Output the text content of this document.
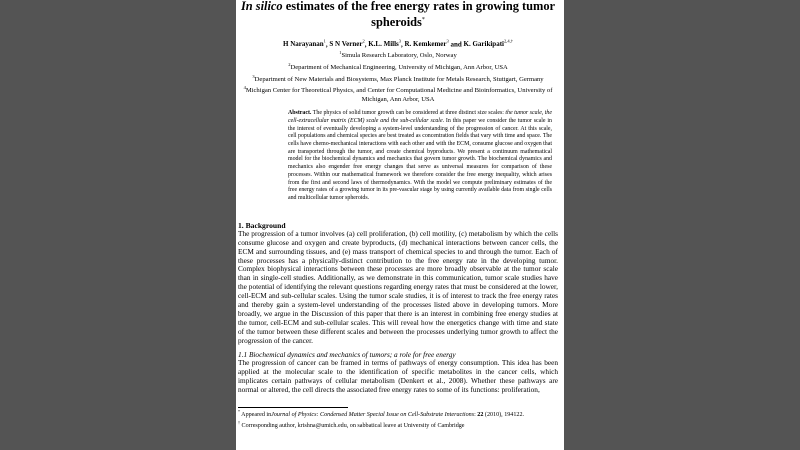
In silico estimates of the free energy rates in growing tumor spheroids*
H Narayanan$^1$, S N Verner$^2$, K.L. Mills$^3$, R. Kemkemer$^3$ and K. Garikipati$^{2,4,\dagger}$
$^1$Simula Research Laboratory, Oslo, Norway
$^2$Department of Mechanical Engineering, University of Michigan, Ann Arbor, USA
$^3$Department of New Materials and Biosystems, Max Planck Institute for Metals Research, Stuttgart, Germany
$^4$Michigan Center for Theoretical Physics, and Center for Computational Medicine and Bioinformatics, University of Michigan, Ann Arbor, USA
Abstract. The physics of solid tumor growth can be considered at three distinct size scales: the tumor scale, the cell-extracellular matrix (ECM) scale and the sub-cellular scale. In this paper we consider the tumor scale in the interest of eventually developing a system-level understanding of the progression of cancer. At this scale, cell populations and chemical species are best treated as concentration fields that vary with time and space. The cells have chemo-mechanical interactions with each other and with the ECM, consume glucose and oxygen that are transported through the tumor, and create chemical byproducts. We present a continuum mathematical model for the biochemical dynamics and mechanics that govern tumor growth. The biochemical dynamics and mechanics also engender free energy changes that serve as universal measures for comparison of these processes. Within our mathematical framework we therefore consider the free energy inequality, which arises from the first and second laws of thermodynamics. With the model we compute preliminary estimates of the free energy rates of a growing tumor in its pre-vascular stage by using currently available data from single cells and multicellular tumor spheroids.
1. Background
The progression of a tumor involves (a) cell proliferation, (b) cell motility, (c) metabolism by which the cells consume glucose and oxygen and create byproducts, (d) mechanical interactions between cancer cells, the ECM and surrounding tissues, and (e) mass transport of chemical species to and through the tumor. Each of these processes has a physically-distinct contribution to the free energy rate in the developing tumor. Complex biophysical interactions between these processes are more broadly observable at the tumor scale than in single-cell studies. Additionally, as we demonstrate in this communication, tumor scale studies have the potential of identifying the relevant questions regarding energy rates that must be considered at the lower, cell-ECM and sub-cellular scales. Using the tumor scale studies, it is of interest to track the free energy rates and thereby gain a system-level understanding of the processes listed above in developing tumors. More broadly, we argue in the Discussion of this paper that there is an interest in combining free energy studies at the tumor, cell-ECM and sub-cellular scales. This will reveal how the energetics change with time and state of the tumor between these different scales and between the processes underlying tumor growth to affect the progression of the cancer.
1.1 Biochemical dynamics and mechanics of tumors; a role for free energy
The progression of cancer can be framed in terms of pathways of energy consumption. This idea has been applied at the molecular scale to the identification of specific metabolites in the cancer cells, which implicates certain pathways of cellular metabolism (Denkert et al., 2008). Whether these pathways are normal or altered, the cell directs the associated free energy rates to some of its functions: proliferation,
* Appeared inJournal of Physics: Condensed Matter Special Issue on Cell-Substrate Interactions: 22 (2010), 194122.
† Corresponding author, krishna@umich.edu, on sabbatical leave at University of Cambridge
